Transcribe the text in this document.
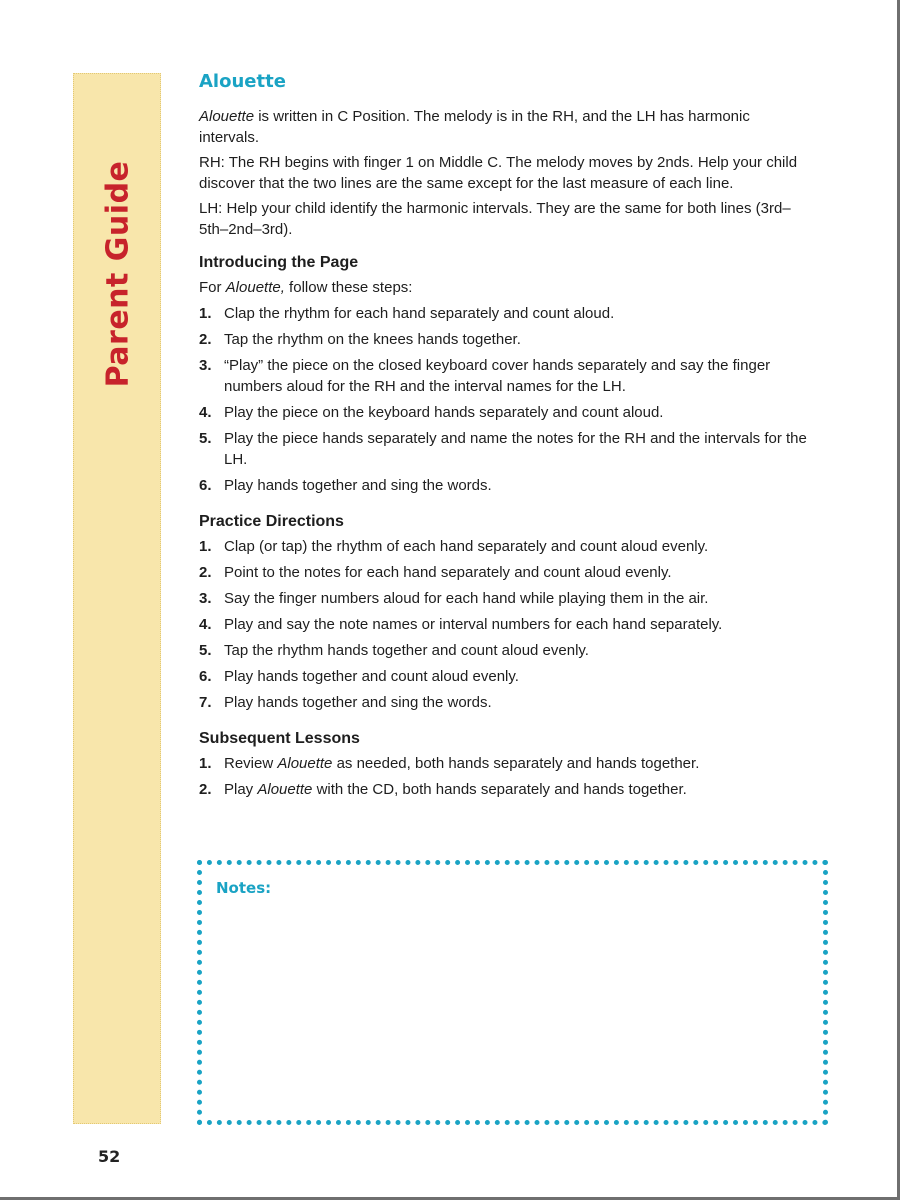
Parent Guide
Alouette

Alouette is written in C Position. The melody is in the RH, and the LH has harmonic intervals.

RH: The RH begins with finger 1 on Middle C. The melody moves by 2nds. Help your child discover that the two lines are the same except for the last measure of each line.

LH: Help your child identify the harmonic intervals. They are the same for both lines (3rd–5th–2nd–3rd).

Introducing the Page

For Alouette, follow these steps:

1. Clap the rhythm for each hand separately and count aloud.
2. Tap the rhythm on the knees hands together.
3. “Play” the piece on the closed keyboard cover hands separately and say the finger numbers aloud for the RH and the interval names for the LH.
4. Play the piece on the keyboard hands separately and count aloud.
5. Play the piece hands separately and name the notes for the RH and the intervals for the LH.
6. Play hands together and sing the words.
Practice Directions
1. Clap (or tap) the rhythm of each hand separately and count aloud evenly.
2. Point to the notes for each hand separately and count aloud evenly.
3. Say the finger numbers aloud for each hand while playing them in the air.
4. Play and say the note names or interval numbers for each hand separately.
5. Tap the rhythm hands together and count aloud evenly.
6. Play hands together and count aloud evenly.
7. Play hands together and sing the words.
Subsequent Lessons
1. Review Alouette as needed, both hands separately and hands together.
2. Play Alouette with the CD, both hands separately and hands together.
Notes:
52
